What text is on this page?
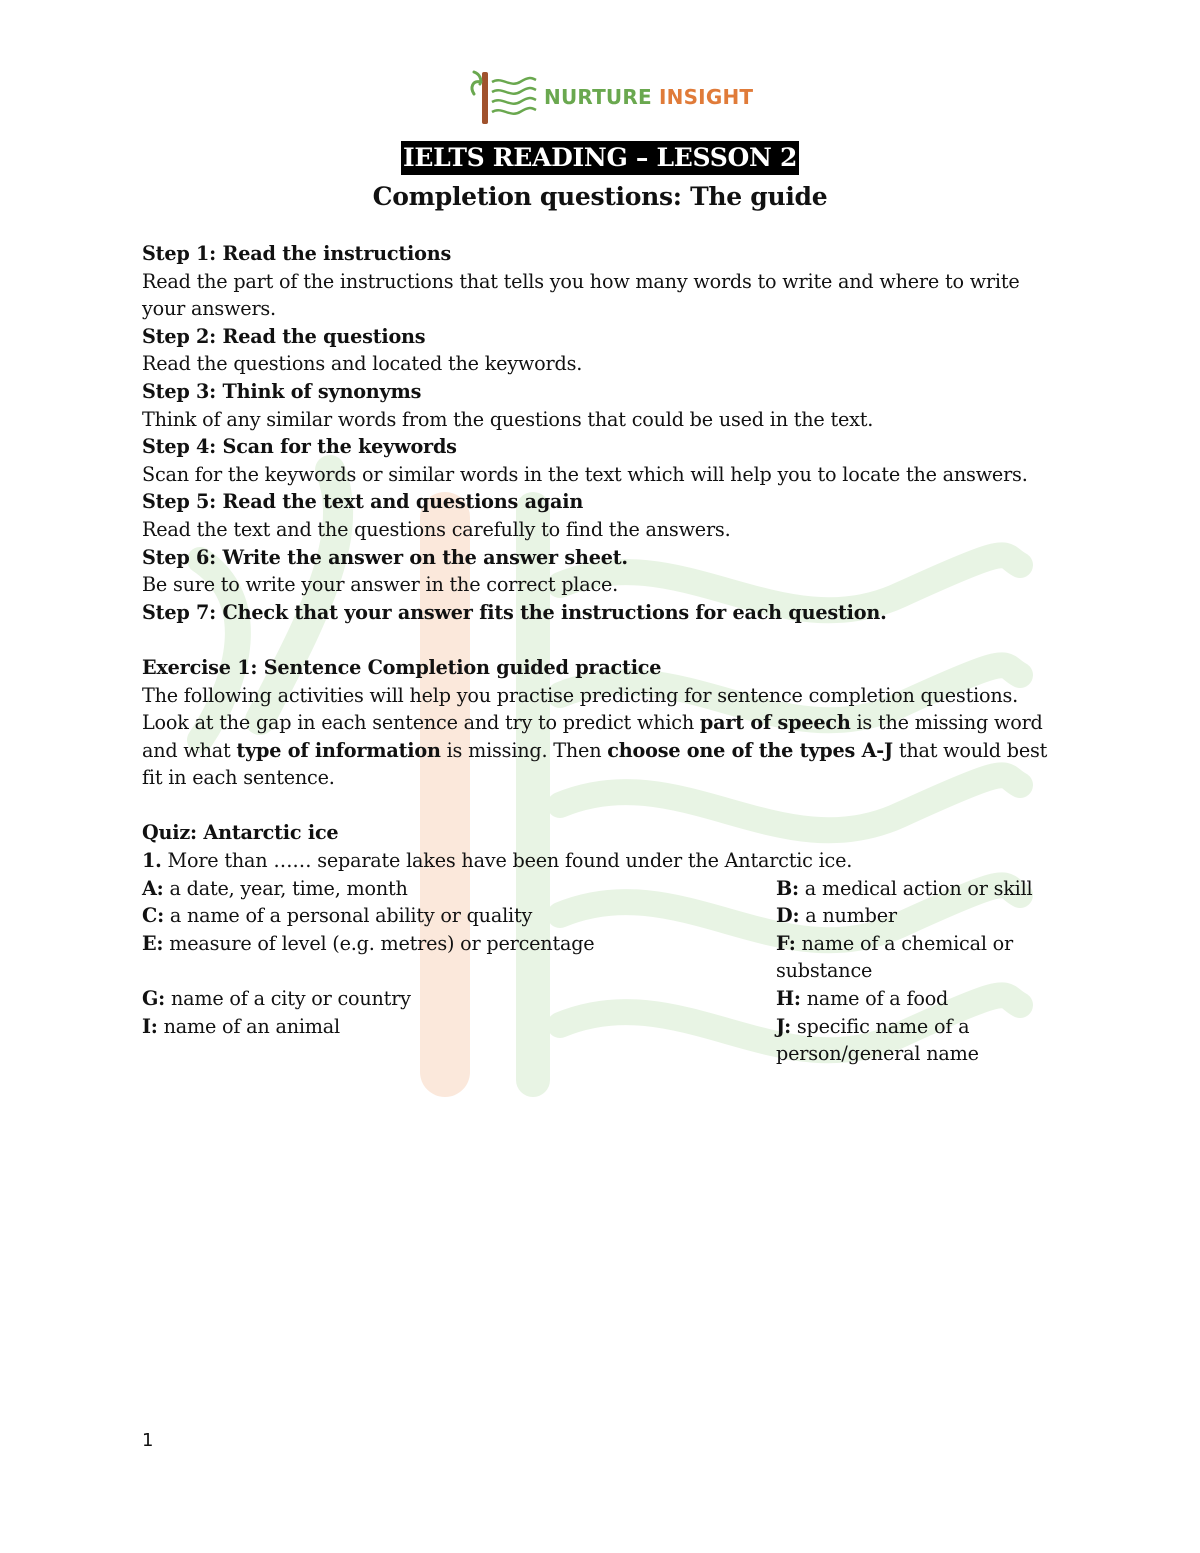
NURTURE INSIGHT
IELTS READING – LESSON 2
Completion questions: The guide

Step 1: Read the instructions

Read the part of the instructions that tells you how many words to write and where to write your answers.

Step 2: Read the questions

Read the questions and located the keywords.

Step 3: Think of synonyms

Think of any similar words from the questions that could be used in the text.

Step 4: Scan for the keywords

Scan for the keywords or similar words in the text which will help you to locate the answers.

Step 5: Read the text and questions again

Read the text and the questions carefully to find the answers.

Step 6: Write the answer on the answer sheet.

Be sure to write your answer in the correct place.

Step 7: Check that your answer fits the instructions for each question.

Exercise 1: Sentence Completion guided practice

The following activities will help you practise predicting for sentence completion questions.

Look at the gap in each sentence and try to predict which part of speech is the missing word and what type of information is missing. Then choose one of the types A-J that would best fit in each sentence.

Quiz: Antarctic ice

1. More than …… separate lakes have been found under the Antarctic ice.

A: a date, year, time, month	B: a medical action or skill
C: a name of a personal ability or quality	D: a number
E: measure of level (e.g. metres) or percentage	F: name of a chemical or substance
G: name of a city or country	H: name of a food
I: name of an animal	J: specific name of a person/general name
1
